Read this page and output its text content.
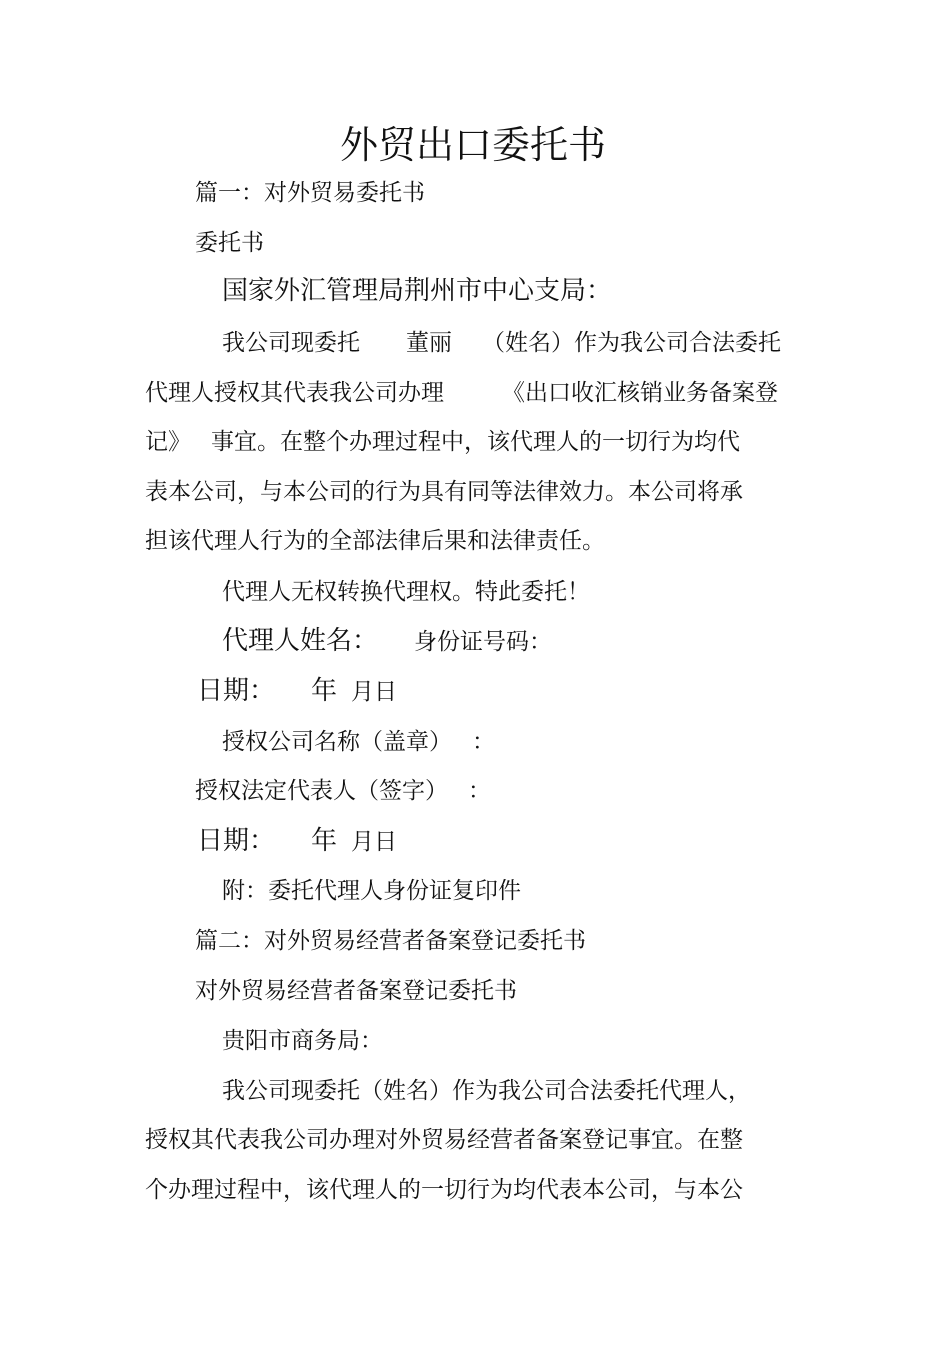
外贸出口委托书
篇一：对外贸易委托书
委托书
国家外汇管理局荆州市中心支局：
我公司现委托 董丽 （姓名）作为我公司合法委托
代理人授权其代表我公司办理	《出口收汇核销业务备案登
记》 事宜。在整个办理过程中，该代理人的一切行为均代
表本公司，与本公司的行为具有同等法律效力。本公司将承
担该代理人行为的全部法律后果和法律责任。
代理人无权转换代理权。特此委托！
代理人姓名： 身份证号码：
日期： 年 月日
授权公司名称（盖章） ：
授权法定代表人（签字） ：
日期： 年 月日
附：委托代理人身份证复印件
篇二：对外贸易经营者备案登记委托书
对外贸易经营者备案登记委托书
贵阳市商务局：
我公司现委托（姓名）作为我公司合法委托代理人，
授权其代表我公司办理对外贸易经营者备案登记事宜。在整
个办理过程中，该代理人的一切行为均代表本公司，与本公
